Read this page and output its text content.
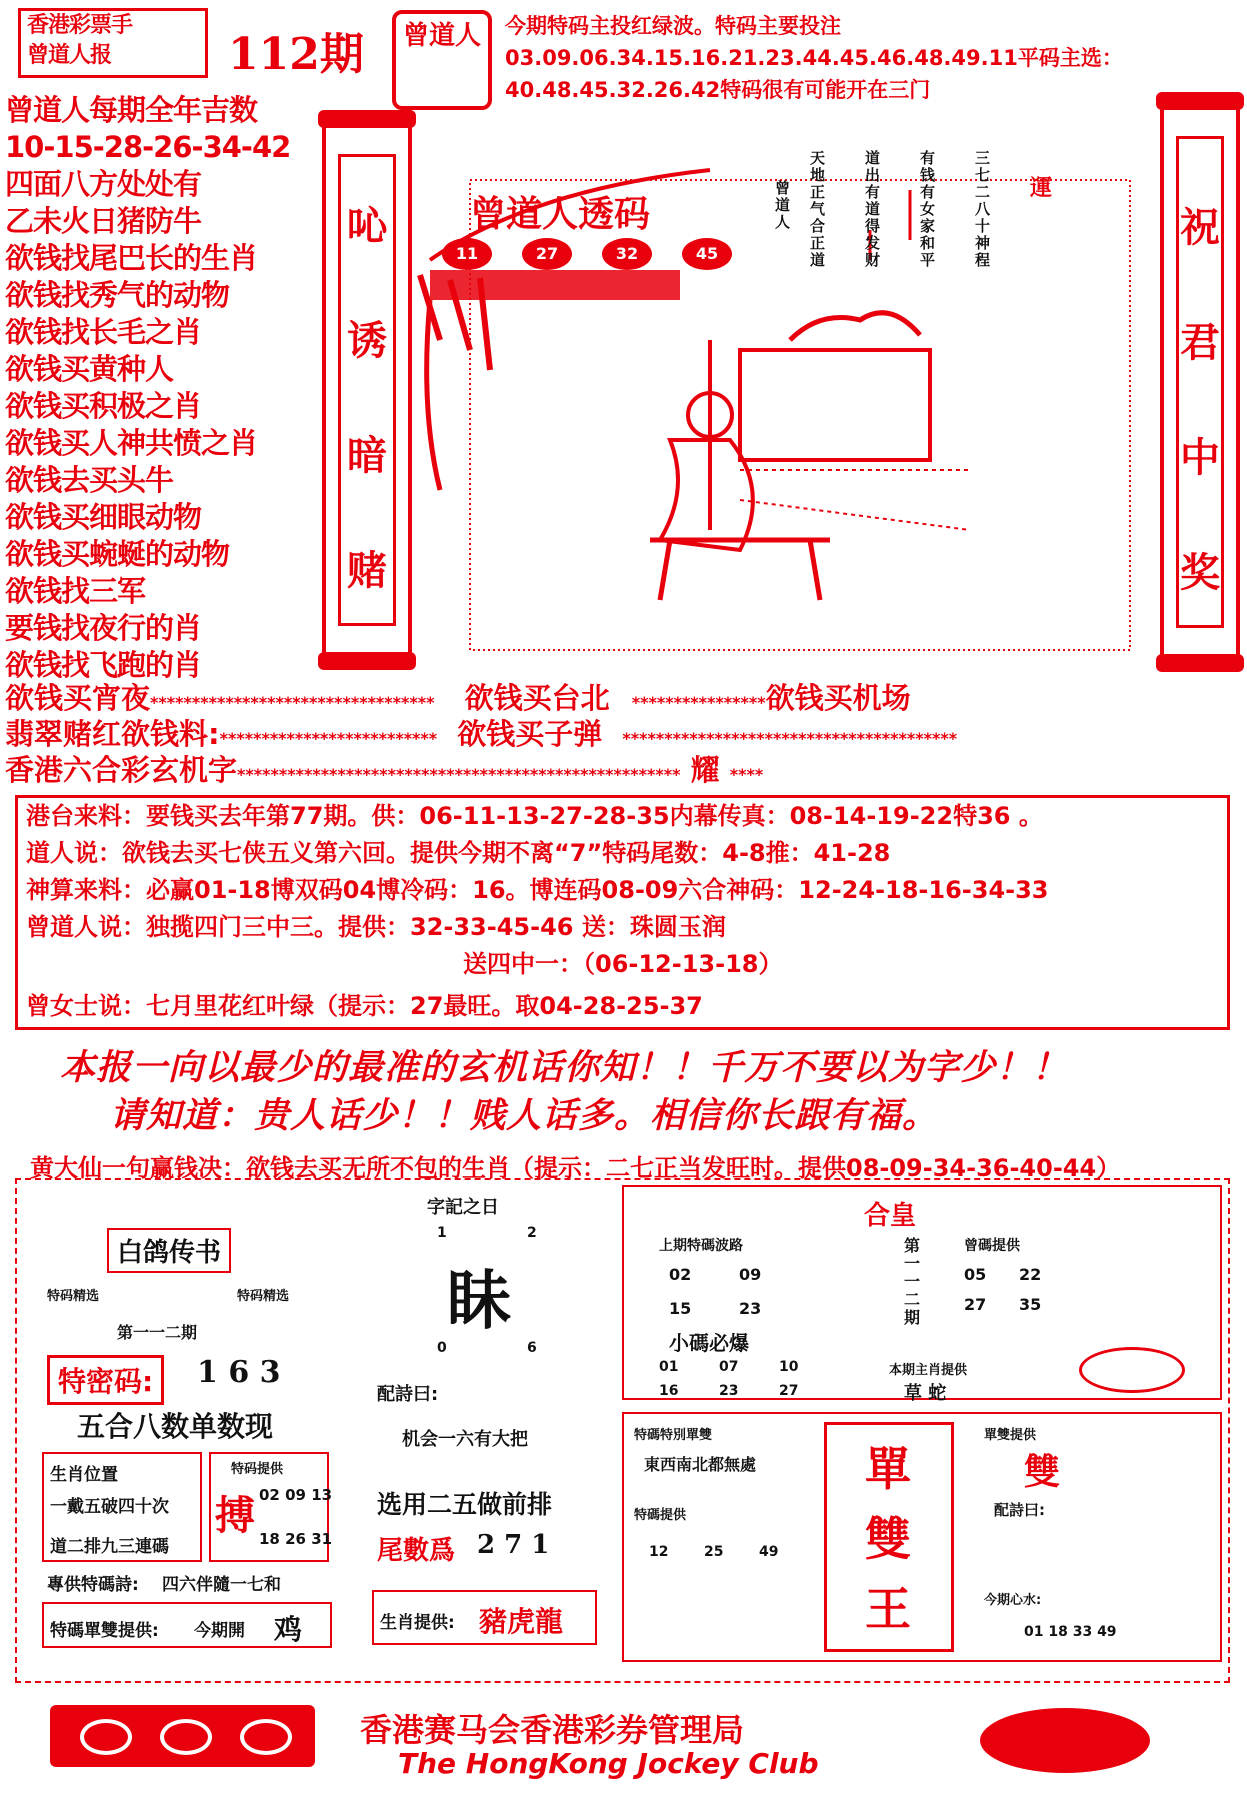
香港彩票手
曾道人报	112期	曾道人	今期特码主投红绿波。特码主要投注03.09.06.34.15.16.21.23.44.45.46.48.49.11平码主选：40.48.45.32.26.42特码很有可能开在三门
曾道人每期全年吉数
10-15-28-26-34-42
四面八方处处有
乙未火日猪防牛
欲钱找尾巴长的生肖
欲钱找秀气的动物
欲钱找长毛之肖
欲钱买黄种人
欲钱买积极之肖
欲钱买人神共愤之肖
欲钱去买头牛
欲钱买细眼动物
欲钱买蜿蜒的动物
欲钱找三军
要钱找夜行的肖
欲钱找飞跑的肖
吣
诱
暗
赌
曾道人透码
11	27	32	45
曾道人
天地正气合正道
道出有道得发财
有钱有女家和平
三七二八十神程
運
祝
君
中
奖
欲钱买宵夜********************************** 欲钱买台北 ****************欲钱买机场
翡翠赌红欲钱料:************************** 欲钱买子弹 ****************************************
香港六合彩玄机字***************************************************** 耀 ****
港台来料：要钱买去年第77期。供：06-11-13-27-28-35内幕传真：08-14-19-22特36 。
道人说：欲钱去买七侠五义第六回。提供今期不离“7”特码尾数：4-8推：41-28
神算来料：必赢01-18博双码04博冷码：16。博连码08-09六合神码：12-24-18-16-34-33
曾道人说：独揽四门三中三。提供：32-33-45-46 送：珠圆玉润
送四中一：（06-12-13-18）
曾女士说：七月里花红叶绿（提示：27最旺。取04-28-25-37
本报一向以最少的最准的玄机话你知！！千万不要以为字少！！
请知道：贵人话少！！贱人话多。相信你长跟有福。
黄大仙一句赢钱决：欲钱去买无所不包的生肖（提示：二七正当发旺时。提供08-09-34-36-40-44）
白鸽传书
特码精选	特码精选
第一一二期
特密码:	1 6 3
五合八数单数现
生肖位置
一戴五破四十次
道二排九三連碼
特码提供
搏 02 09 13
18 26 31
專供特碼詩: 四六伴隨一七和
特碼單雙提供: 今期開 鸡
字記之日
1	2
眛
0	6
配詩曰:
机会一六有大把
选用二五做前排
尾數爲 2 7 1
生肖提供: 豬虎龍
合皇
上期特碼波路
02	09
15	23
第一一二期
曾碼提供
05 22
27 35
小碼必爆
01	07	10
16	23	27
本期主肖提供
草 蛇
特碼特別單雙
東西南北都無處
特碼提供
12	25	49
單
雙
王
單雙提供
雙
配詩曰:
今期心水:
01 18 33 49
香港赛马会香港彩券管理局
The HongKong Jockey Club
